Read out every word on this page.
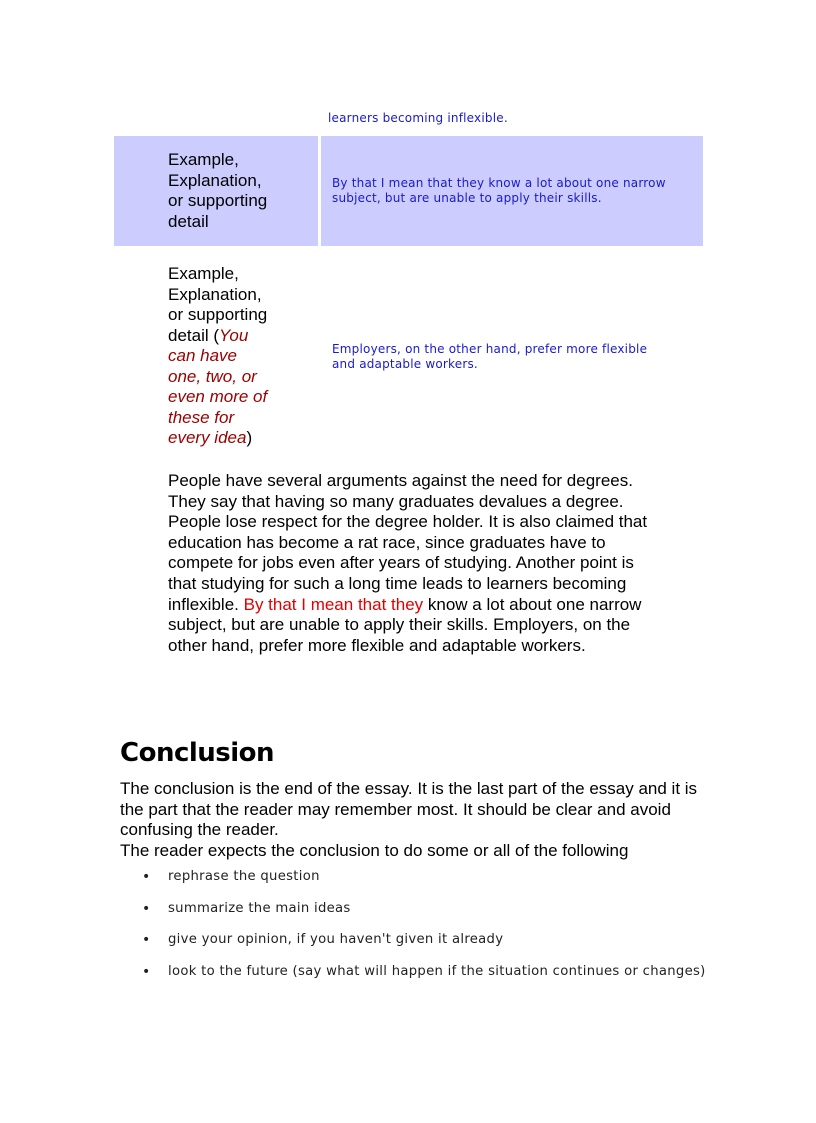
learners becoming inflexible.
Example, Explanation, or supporting detail
By that I mean that they know a lot about one narrow subject, but are unable to apply their skills.
Example, Explanation, or supporting detail (You can have one, two, or even more of these for every idea)
Employers, on the other hand, prefer more flexible and adaptable workers.
People have several arguments against the need for degrees. They say that having so many graduates devalues a degree. People lose respect for the degree holder. It is also claimed that education has become a rat race, since graduates have to compete for jobs even after years of studying. Another point is that studying for such a long time leads to learners becoming inflexible. By that I mean that they know a lot about one narrow subject, but are unable to apply their skills. Employers, on the other hand, prefer more flexible and adaptable workers.
Conclusion
The conclusion is the end of the essay. It is the last part of the essay and it is the part that the reader may remember most. It should be clear and avoid confusing the reader.
The reader expects the conclusion to do some or all of the following
• rephrase the question
• summarize the main ideas
• give your opinion, if you haven't given it already
• look to the future (say what will happen if the situation continues or changes)
